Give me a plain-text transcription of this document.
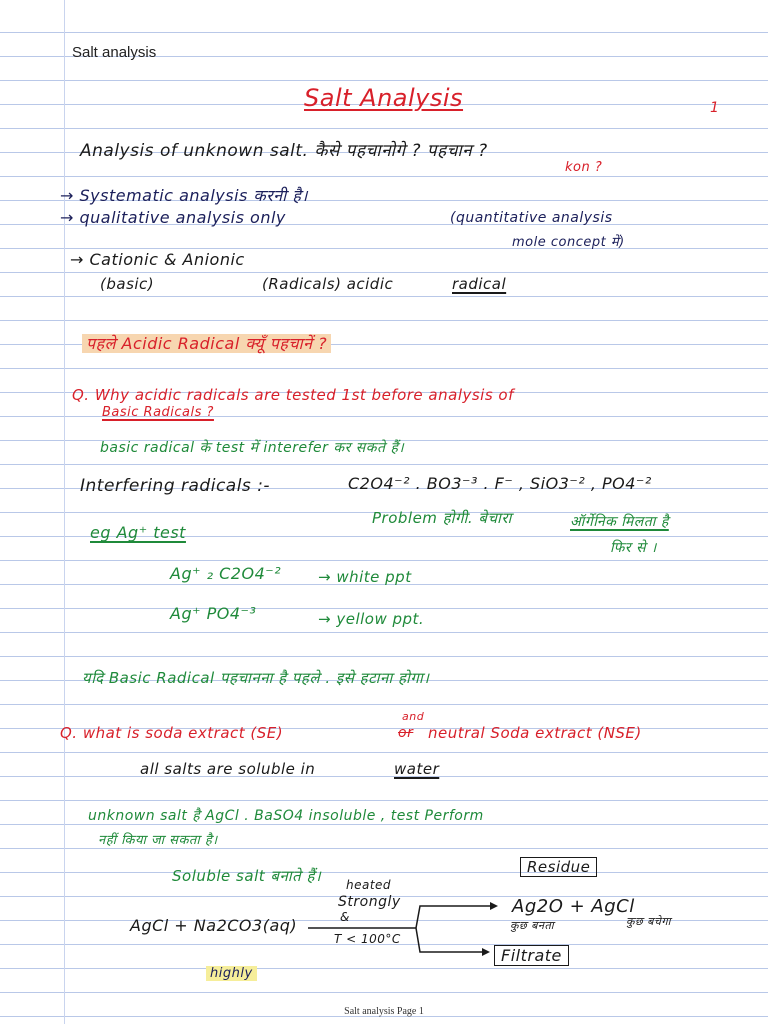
Salt analysis
Salt Analysis	1
Analysis of unknown salt. कैसे पहचानोगे ? पहचान ?
kon ?
→ Systematic analysis करनी है।
→ qualitative analysis only	(quantitative analysis
mole concept में)
→ Cationic & Anionic
(basic)	(Radicals) acidic	radical
पहले Acidic Radical क्यूँ पहचानें ?
Q. Why acidic radicals are tested 1st before analysis of
Basic Radicals ?
basic radical के test में interefer कर सकते हैं।
Interfering radicals :-	C2O4⁻² . BO3⁻³ . F⁻ , SiO3⁻² , PO4⁻²
eg Ag⁺ test
Problem होगी. बेचारा	ऑर्गेनिक मिलता है
फिर से ।
Ag⁺ ₂ C2O4⁻² → white ppt
Ag⁺ PO4⁻³	→ yellow ppt.
यदि Basic Radical पहचानना है पहले . इसे हटाना होगा।
and
Q. what is soda extract (SE)	or neutral Soda extract (NSE)
all salts are soluble in	water
unknown salt है AgCl . BaSO4 insoluble , test Perform
नहीं किया जा सकता है।
Soluble salt बनाते हैं। heated
Strongly
&
AgCl + Na2CO3(aq)
T < 100°C
Residue
Ag2O + AgCl
कुछ बनता	कुछ बचेगा
Filtrate
highly
Salt analysis Page 1
